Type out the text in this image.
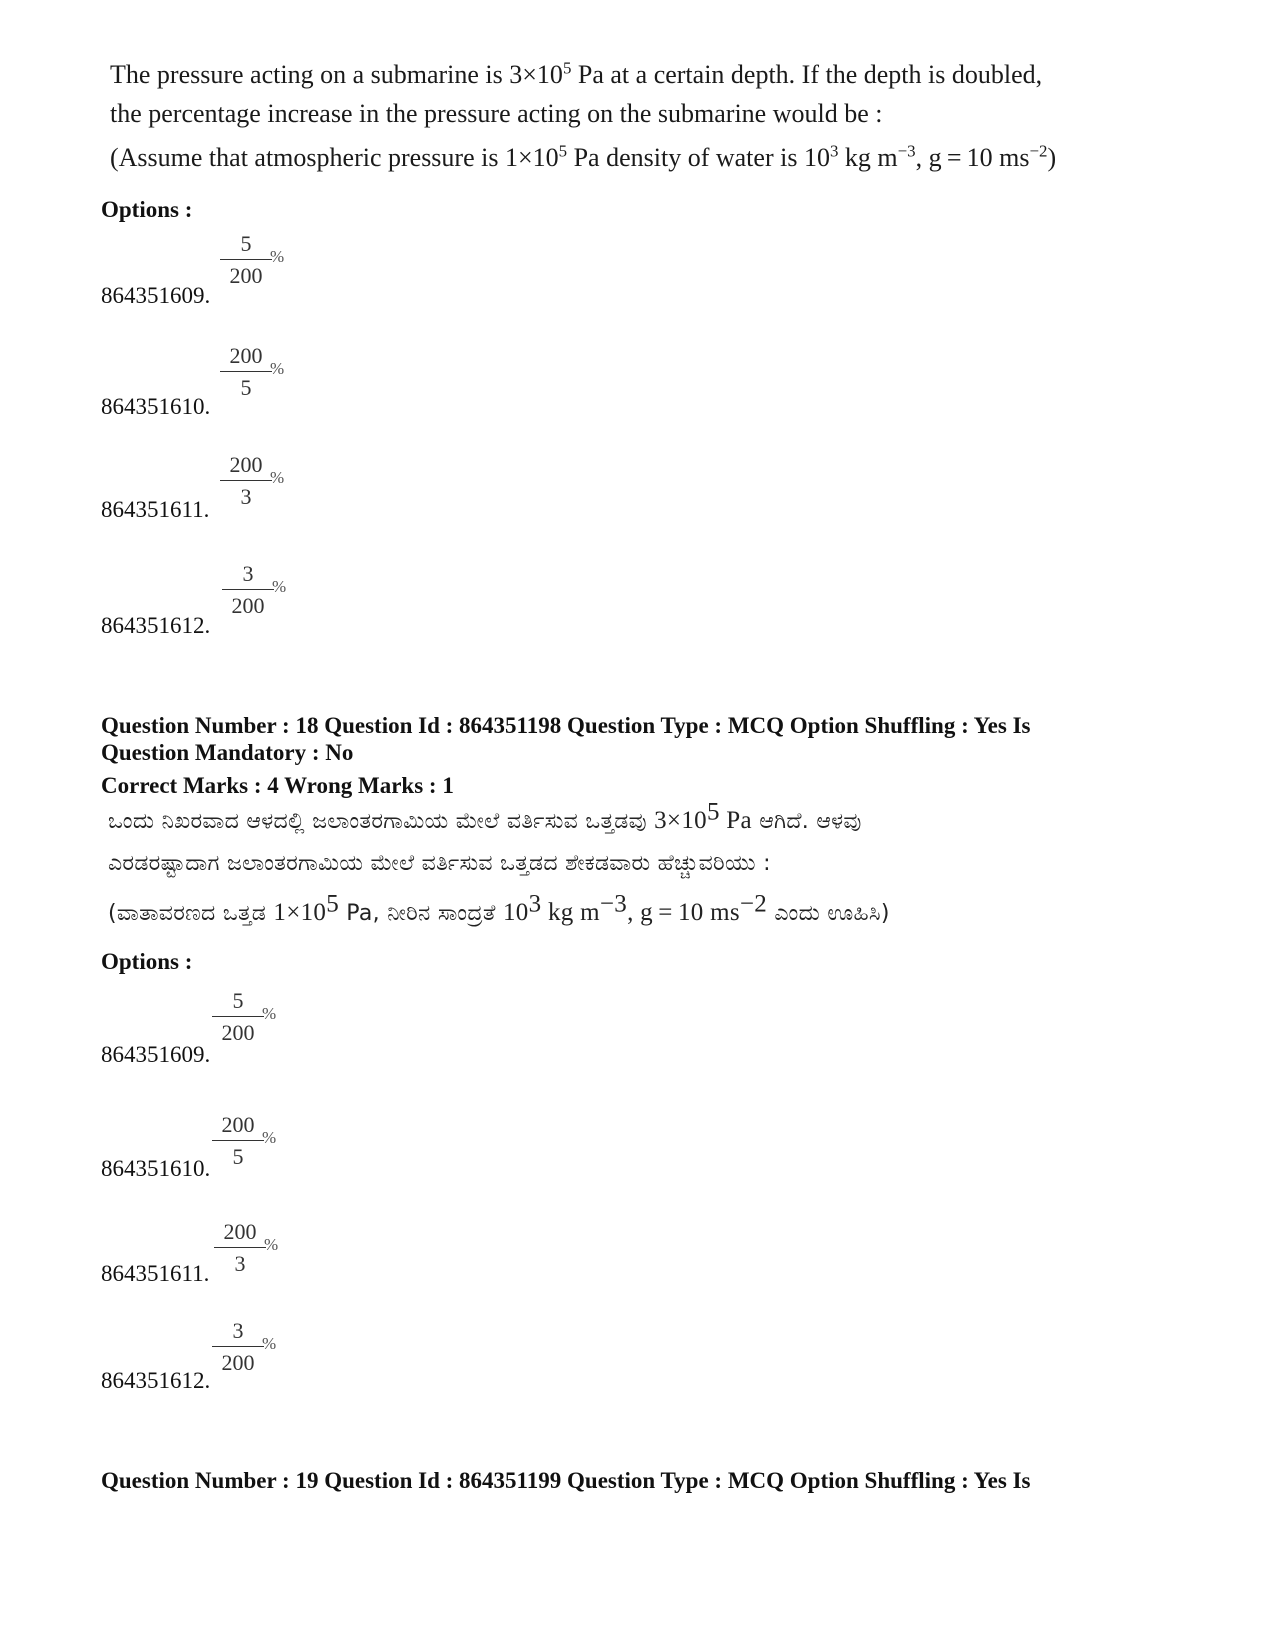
The pressure acting on a submarine is $3\times 10^5$ Pa at a certain depth. If the depth is doubled,
the percentage increase in the pressure acting on the submarine would be :
(Assume that atmospheric pressure is $1\times 10^5$ Pa density of water is $10^3$ kg $m^{-3}$, g = 10 $ms^{-2}$)
Options :
5
200
%
864351609.
200
5
%
864351610.
200
3
%
864351611.
3
200
%
864351612.
Question Number : 18 Question Id : 864351198 Question Type : MCQ Option Shuffling : Yes Is
Question Mandatory : No
Correct Marks : 4 Wrong Marks : 1
ಒಂದು ನಿಖರವಾದ ಆಳದಲ್ಲಿ ಜಲಾಂತರಗಾಮಿಯ ಮೇಲೆ ವರ್ತಿಸುವ ಒತ್ತಡವು $3\times 10^5$ Pa ಆಗಿದೆ. ಆಳವು
ಎರಡರಷ್ಟಾದಾಗ ಜಲಾಂತರಗಾಮಿಯ ಮೇಲೆ ವರ್ತಿಸುವ ಒತ್ತಡದ ಶೇಕಡವಾರು ಹೆಚ್ಚುವರಿಯು :
(ವಾತಾವರಣದ ಒತ್ತಡ $1\times 10^5$ Pa, ನೀರಿನ ಸಾಂದ್ರತೆ $10^3$ kg $m^{-3}$, g = 10 $ms^{-2}$ ಎಂದು ಊಹಿಸಿ)
Options :
5
200
%
864351609.
200
5
%
864351610.
200
3
%
864351611.
3
200
%
864351612.
Question Number : 19 Question Id : 864351199 Question Type : MCQ Option Shuffling : Yes Is
